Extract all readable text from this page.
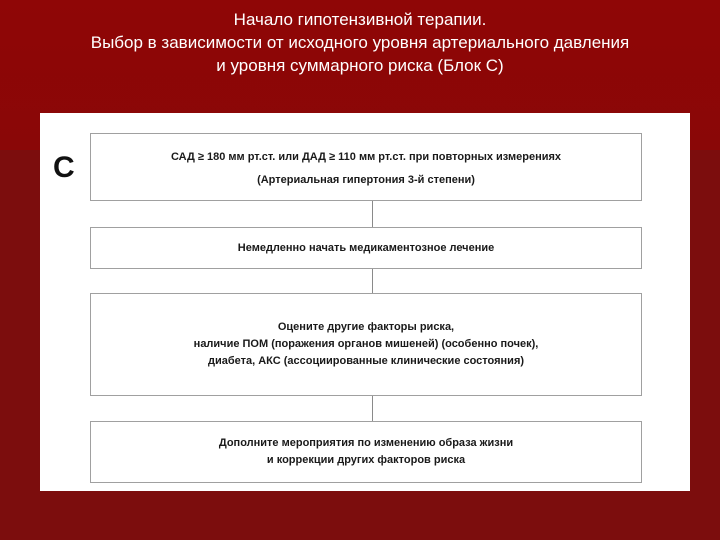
Начало гипотензивной терапии.
Выбор в зависимости от исходного уровня артериального давления
и уровня суммарного риска (Блок С)
С	САД ≥ 180 мм рт.ст. или ДАД ≥ 110 мм рт.ст. при повторных измерениях
(Артериальная гипертония 3-й степени)
Немедленно начать медикаментозное лечение
Оцените другие факторы риска,
наличие ПОМ (поражения органов мишеней) (особенно почек),
диабета, АКС (ассоциированные клинические состояния)
Дополните мероприятия по изменению образа жизни
и коррекции других факторов риска
